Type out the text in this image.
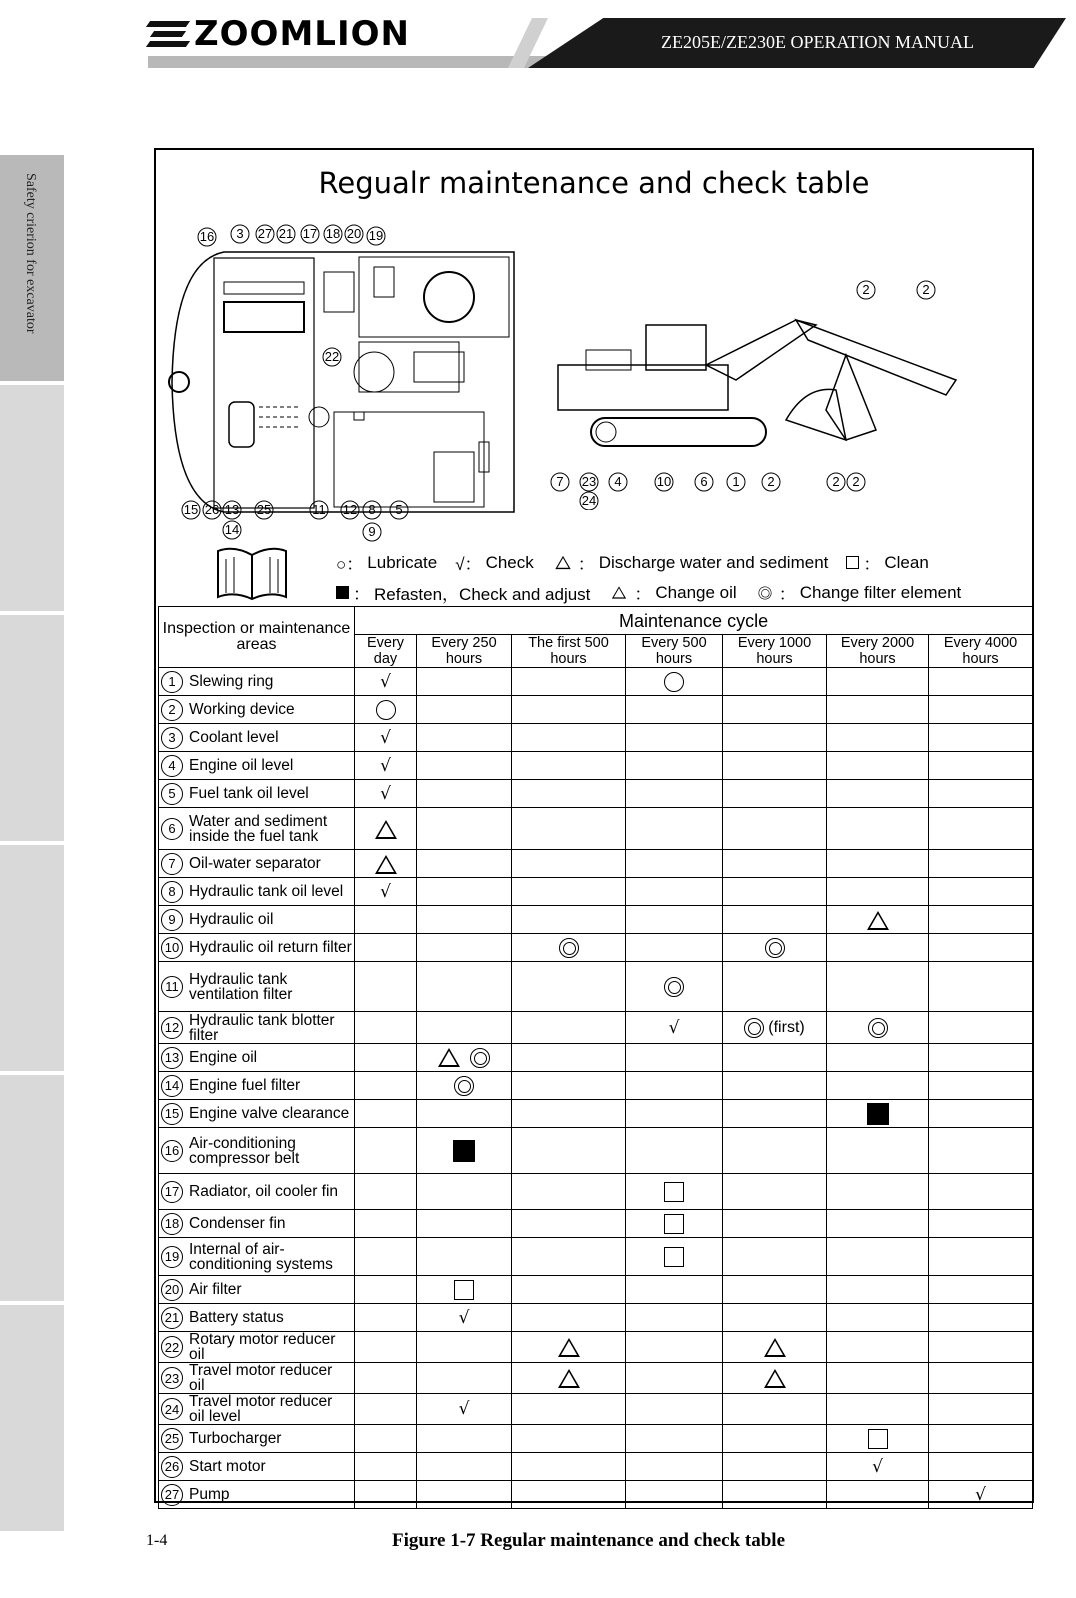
ZOOMLION	ZE205E/ZE230E OPERATION MANUAL
Safety crierion for excavator	Regualr maintenance and check table
16 3 27 21 17 18 20 19
15 26 13 25	11 12 8 5
14	9
22
2	2
7 23 4	10 6 1 2
24
2 2
○： Lubricate √： Check	： Discharge water and sediment ： Clean
： Refasten，Check and adjust	： Change oil ： Change filter element
Inspection or maintenance areas	Maintenance cycle						
	Every day	Every 250 hours	The first 500 hours	Every 500 hours	Every 1000 hours	Every 2000 hours	Every 4000 hours

1 Slewing ring	√						

2 Working device							

3 Coolant level	√						

4 Engine oil level	√						

5 Fuel tank oil level	√						

6 Water and sediment inside the fuel tank							

7 Oil-water separator							

8 Hydraulic tank oil level	√						

9 Hydraulic oil							

10 Hydraulic oil return filter							

11 Hydraulic tank ventilation filter							

12 Hydraulic tank blotter filter				√	(first)		

13 Engine oil							

14 Engine fuel filter							

15 Engine valve clearance							

16 Air-conditioning compressor belt							

17 Radiator, oil cooler fin							

18 Condenser fin							

19 Internal of air-conditioning systems							

20 Air filter							

21 Battery status		√					

22 Rotary motor reducer oil							

23 Travel motor reducer oil							

24 Travel motor reducer oil level		√					

25 Turbocharger							

26 Start motor						√	

27 Pump							√
1-4	Figure 1-7 Regular maintenance and check table
